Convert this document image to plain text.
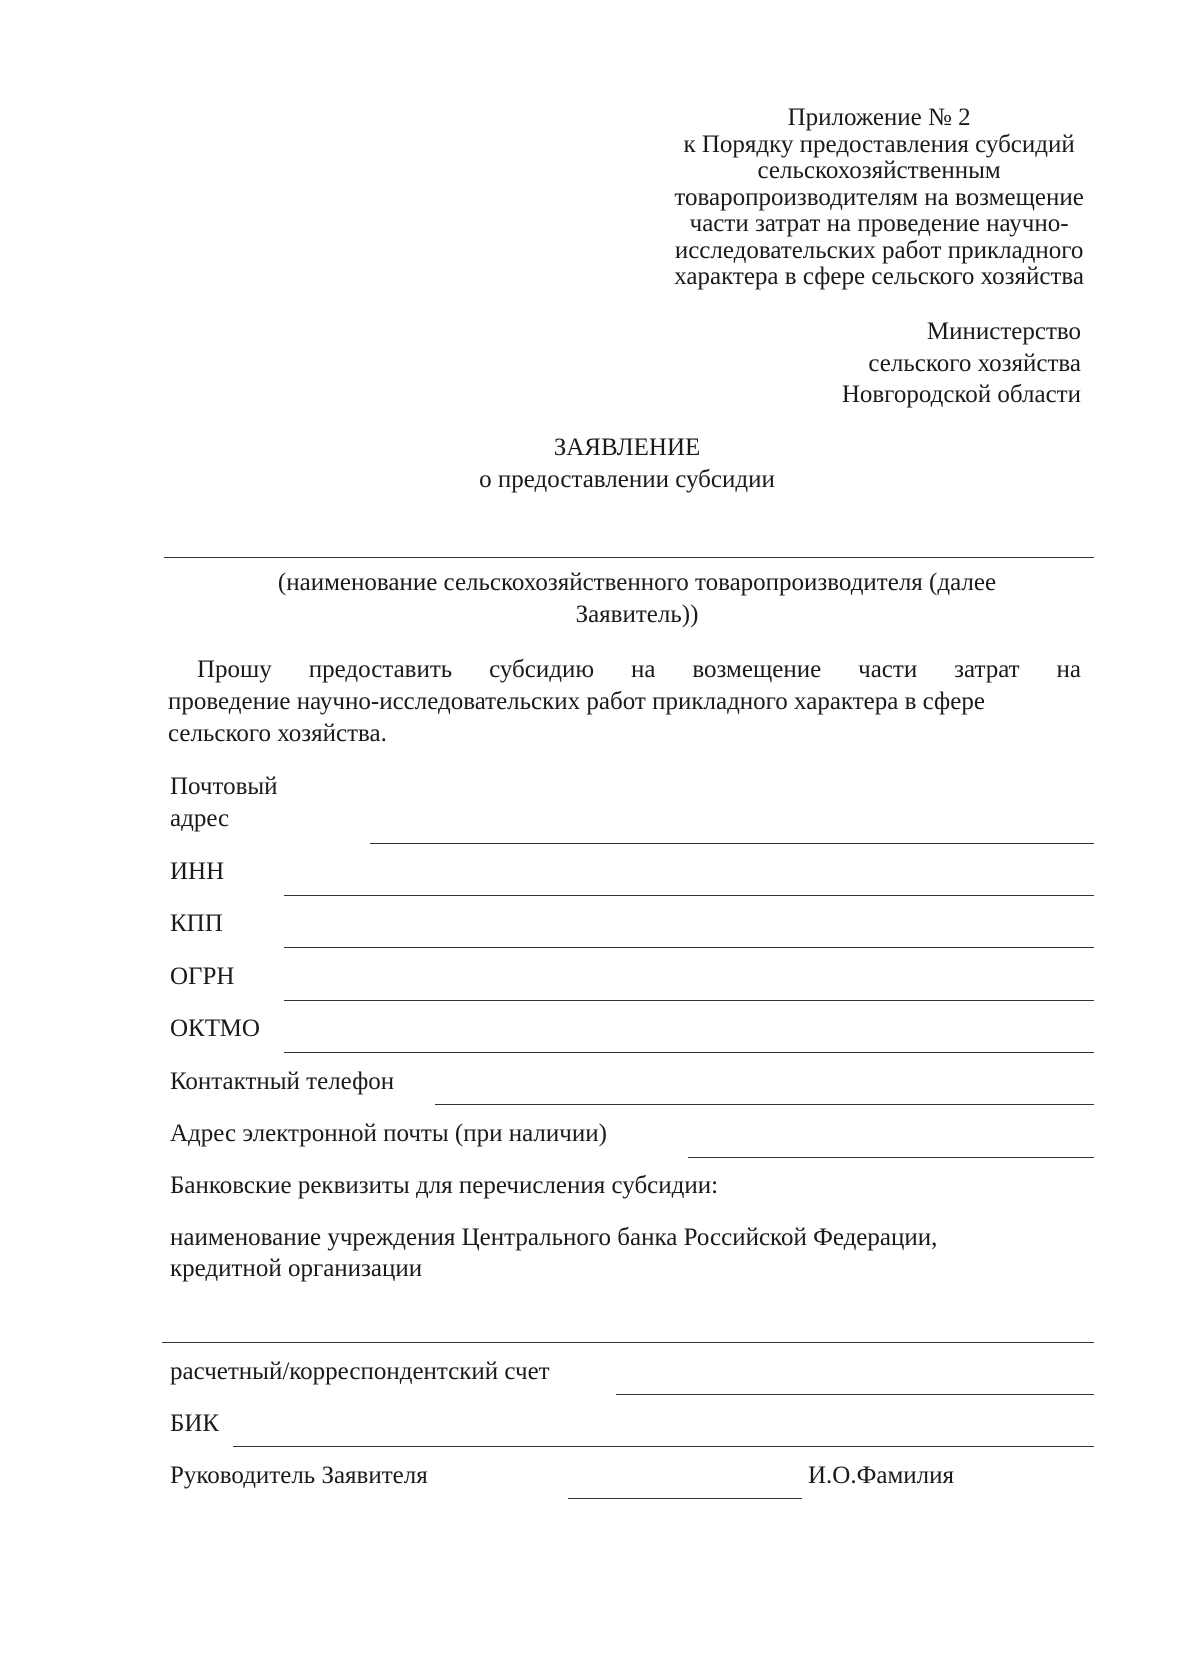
Приложение № 2
к Порядку предоставления субсидий
сельскохозяйственным
товаропроизводителям на возмещение
части затрат на проведение научно-
исследовательских работ прикладного
характера в сфере сельского хозяйства
Министерство
сельского хозяйства
Новгородской области
ЗАЯВЛЕНИЕ
о предоставлении субсидии
(наименование сельскохозяйственного товаропроизводителя (далее
Заявитель))
Прошу предоставить субсидию на возмещение части затрат на
проведение научно-исследовательских работ прикладного характера в сфере
сельского хозяйства.
Почтовый
адрес
ИНН
КПП
ОГРН
ОКТМО
Контактный телефон
Адрес электронной почты (при наличии)
Банковские реквизиты для перечисления субсидии:
наименование учреждения Центрального банка Российской Федерации,
кредитной организации
расчетный/корреспондентский счет
БИК
Руководитель Заявителя	И.О.Фамилия
